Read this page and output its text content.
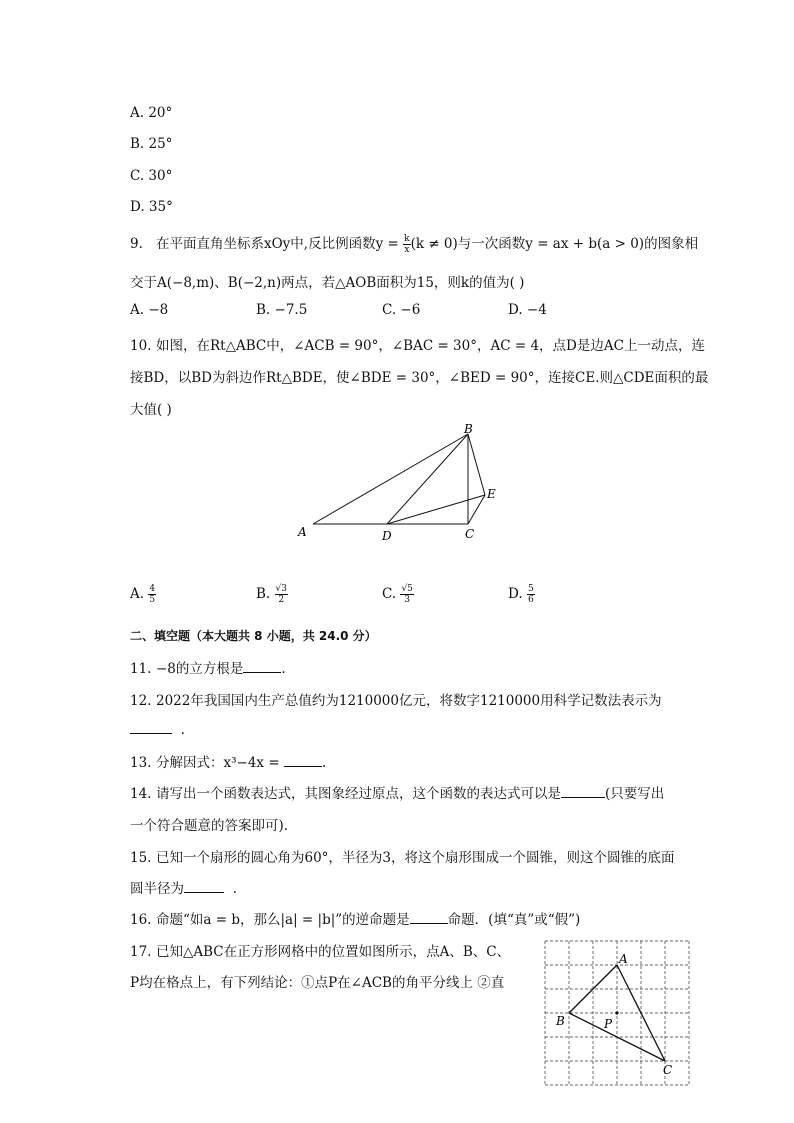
A. 20°
B. 25°
C. 30°
D. 35°
9. 在平面直角坐标系xOy中,反比例函数$y = \frac{k}{x} (k \ne 0)$与一次函数y = ax + b(a > 0)的图象相
交于A(−8,m)、B(−2,n)两点，若△AOB面积为15，则k的值为( )
A. −8	B. −7.5	C. −6	D. −4
10. 如图，在Rt△ABC中，∠ACB = 90°，∠BAC = 30°，AC = 4，点D是边AC上一动点，连
接BD，以BD为斜边作Rt△BDE，使∠BDE = 30°，∠BED = 90°，连接CE.则△CDE面积的最
大值( )
A
B
C
D
E
A. $\frac{4}{5}$	B. $\frac{√3}{2}$	C. $\frac{√5}{3}$	D. $\frac{5}{6}$
二、填空题（本大题共 8 小题，共 24.0 分）
11. −8的立方根是	.
12. 2022年我国国内生产总值约为1210000亿元，将数字1210000用科学记数法表示为
.
13. 分解因式：x³−4x =	.
14. 请写出一个函数表达式，其图象经过原点，这个函数的表达式可以是	(只要写出
一个符合题意的答案即可).
15. 已知一个扇形的圆心角为60°，半径为3，将这个扇形围成一个圆锥，则这个圆锥的底面
圆半径为	.
16. 命题“如a = b，那么|a| = |b|”的逆命题是	命题．(填“真”或“假”)
17. 已知△ABC在正方形网格中的位置如图所示，点A、B、C、
P均在格点上，有下列结论：①点P在∠ACB的角平分线上 ②直
A
B
C
P
